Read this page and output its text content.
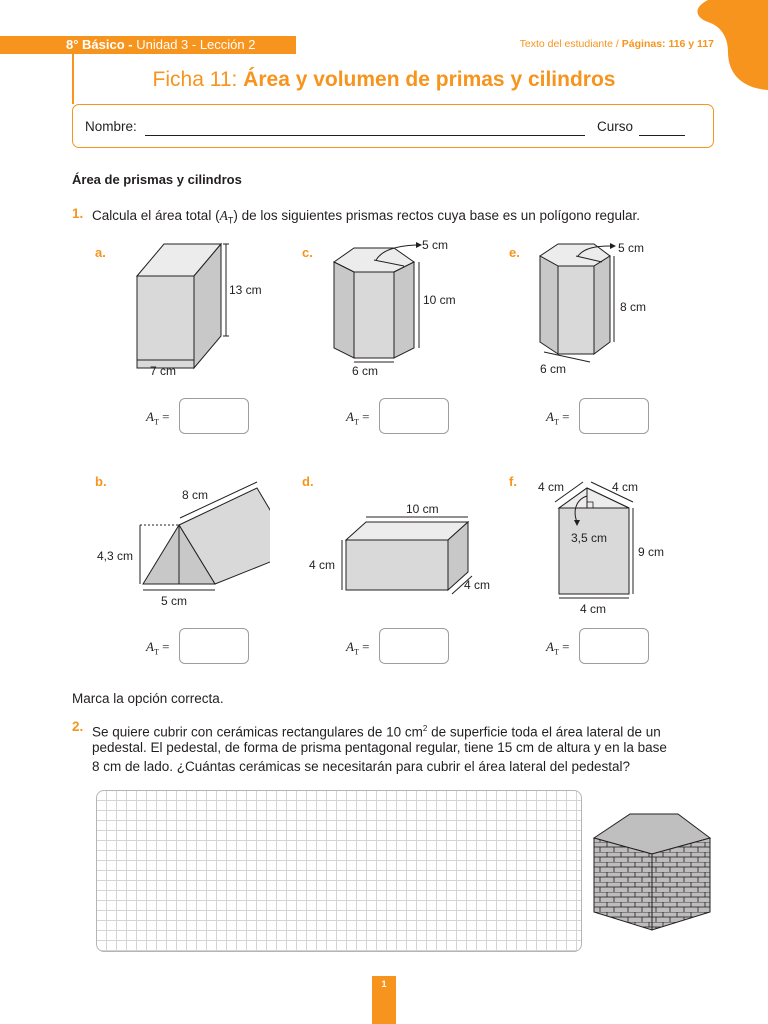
8° Básico - Unidad 3 - Lección 2	Texto del estudiante / Páginas: 116 y 117
Ficha 11: Área y volumen de primas y cilindros
Nombre:	Curso
Área de prismas y cilindros
1. Calcula el área total $(A_T)$ de los siguientes prismas rectos cuya base es un polígono regular.
a.
13 cm
7 cm
c.	5 cm
10 cm
6 cm
e.	5 cm
8 cm
6 cm
$A_T$ =	$A_T$ =	$A_T$ =
b.
8 cm
4,3 cm
5 cm
d.
10 cm
4 cm
4 cm
f. 4 cm	4 cm
3,5 cm
9 cm
4 cm
$A_T$ =	$A_T$ =	$A_T$ =
Marca la opción correcta.
2. Se quiere cubrir con cerámicas rectangulares de 10 $cm^2$ de superficie toda el área lateral de un
pedestal. El pedestal, de forma de prisma pentagonal regular, tiene 15 cm de altura y en la base
8 cm de lado. ¿Cuántas cerámicas se necesitarán para cubrir el área lateral del pedestal?
1
